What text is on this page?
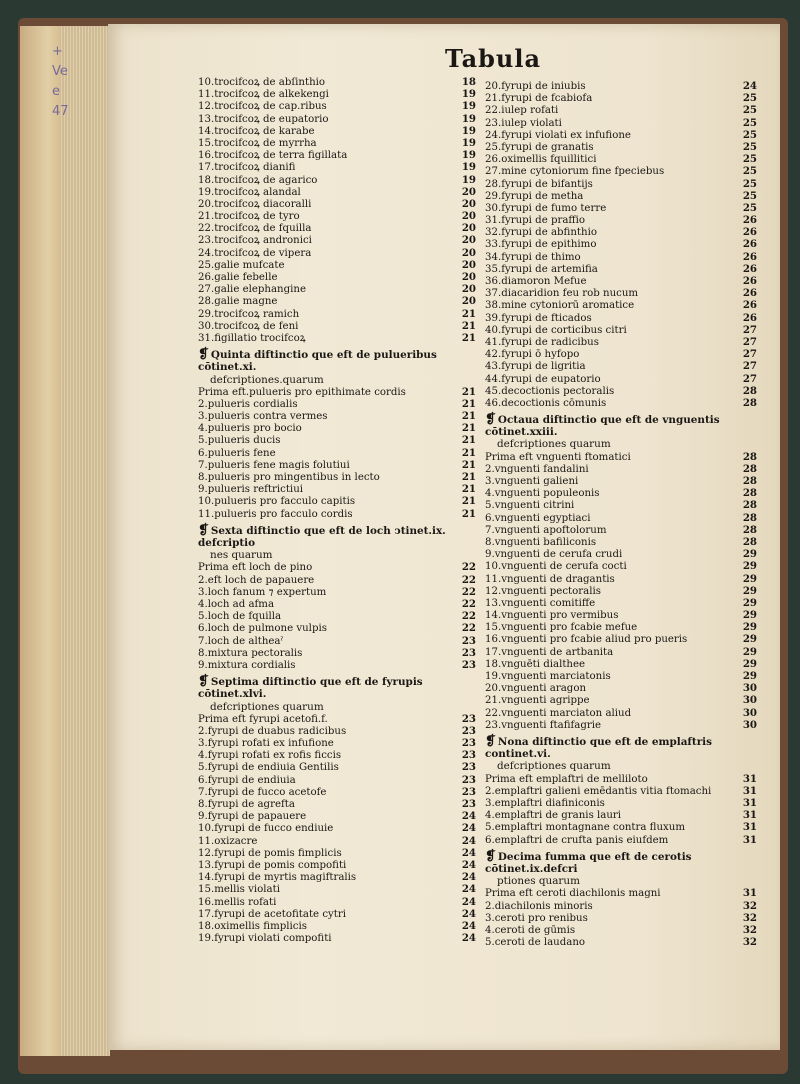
+
Ve
e
47
Tabula
10.trocifcoꝝ de abſinthio	18
11.trocifcoꝝ de alkekengi	19
12.trocifcoꝝ de cap.ribus	19
13.trocifcoꝝ de eupatorio	19
14.trocifcoꝝ de karabe	19
15.trocifcoꝝ de myrrha	19
16.trocifcoꝝ de terra figillata	19
17.trocifcoꝝ dianifi	19
18.trocifcoꝝ de agarico	19
19.trocifcoꝝ alandal	20
20.trocifcoꝝ diacoralli	20
21.trocifcoꝝ de tyro	20
22.trocifcoꝝ de fquilla	20
23.trocifcoꝝ andronici	20
24.trocifcoꝝ de vipera	20
25.galie mufcate	20
26.galie febelle	20
27.galie elephangine	20
28.galie magne	20
29.trocifcoꝝ ramich	21
30.trocifcoꝝ de feni	21
31.figillatio trocifcoꝝ	21
❡ Quinta diftinctio que eft de pulueribus cōtinet.xi.
defcriptiones.quarum
Prima eft.pulueris pro epithimate cordis	21
2.pulueris cordialis	21
3.pulueris contra vermes	21
4.pulueris pro bocio	21
5.pulueris ducis	21
6.pulueris fene	21
7.pulueris fene magis folutiui	21
8.pulueris pro mingentibus in lecto	21
9.pulueris reftrictiui	21
10.pulueris pro facculo capitis	21
11.pulueris pro facculo cordis	21
❡ Sexta diftinctio que eft de loch ↄtinet.ix. defcriptio
nes quarum
Prima eft loch de pino	22
2.eft loch de papauere	22
3.loch fanum ⁊ expertum	22
4.loch ad afma	22
5.loch de fquilla	22
6.loch de pulmone vulpis	22
7.loch de altheaˀ	23
8.mixtura pectoralis	23
9.mixtura cordialis	23
❡ Septima diftinctio que eft de fyrupis cōtinet.xlvi.
defcriptiones quarum
Prima eft fyrupi acetofi.f.	23
2.fyrupi de duabus radicibus	23
3.fyrupi rofati ex infufione	23
4.fyrupi rofati ex rofis ficcis	23
5.fyrupi de endiuia Gentilis	23
6.fyrupi de endiuia	23
7.fyrupi de fucco acetofe	23
8.fyrupi de agrefta	23
9.fyrupi de papauere	24
10.fyrupi de fucco endiuie	24
11.oxizacre	24
12.fyrupi de pomis fimplicis	24
13.fyrupi de pomis compofiti	24
14.fyrupi de myrtis magiftralis	24
15.mellis violati	24
16.mellis rofati	24
17.fyrupi de acetofitate cytri	24
18.oximellis fimplicis	24
19.fyrupi violati compofiti	24
20.fyrupi de iniubis	24
21.fyrupi de fcabiofa	25
22.iulep rofati	25
23.iulep violati	25
24.fyrupi violati ex infufione	25
25.fyrupi de granatis	25
26.oximellis fquillitici	25
27.mine cytoniorum fine fpeciebus	25
28.fyrupi de bifantijs	25
29.fyrupi de metha	25
30.fyrupi de fumo terre	25
31.fyrupi de praffio	26
32.fyrupi de abfinthio	26
33.fyrupi de epithimo	26
34.fyrupi de thimo	26
35.fyrupi de artemifia	26
36.diamoron Mefue	26
37.diacaridion feu rob nucum	26
38.mine cytoniorū aromatice	26
39.fyrupi de fticados	26
40.fyrupi de corticibus citri	27
41.fyrupi de radicibus	27
42.fyrupi ō hyfopo	27
43.fyrupi de ligritia	27
44.fyrupi de eupatorio	27
45.decoctionis pectoralis	28
46.decoctionis cōmunis	28
❡ Octaua diftinctio que eft de vnguentis cōtinet.xxiii.
defcriptiones quarum
Prima eft vnguenti ftomatici	28
2.vnguenti fandalini	28
3.vnguenti galieni	28
4.vnguenti populeonis	28
5.vnguenti citrini	28
6.vnguenti egyptiaci	28
7.vnguenti apoftolorum	28
8.vnguenti bafiliconis	28
9.vnguenti de cerufa crudi	29
10.vnguenti de cerufa cocti	29
11.vnguenti de dragantis	29
12.vnguenti pectoralis	29
13.vnguenti comitiffe	29
14.vnguenti pro vermibus	29
15.vnguenti pro fcabie mefue	29
16.vnguenti pro fcabie aliud pro pueris	29
17.vnguenti de artbanita	29
18.vnguēti dialthee	29
19.vnguenti marciatonis	29
20.vnguenti aragon	30
21.vnguenti agrippe	30
22.vnguenti marciaton aliud	30
23.vnguenti ftafifagrie	30
❡ Nona diftinctio que eft de emplaftris continet.vi.
defcriptiones quarum
Prima eft emplaftri de melliloto	31
2.emplaftri galieni emēdantis vitia ftomachi	31
3.emplaftri diafiniconis	31
4.emplaftri de granis lauri	31
5.emplaftri montagnane contra fluxum	31
6.emplaftri de crufta panis eiufdem	31
❡ Decima fumma que eft de cerotis cōtinet.ix.defcri
ptiones quarum
Prima eft ceroti diachilonis magni	31
2.diachilonis minoris	32
3.ceroti pro renibus	32
4.ceroti de gūmis	32
5.ceroti de laudano	32
